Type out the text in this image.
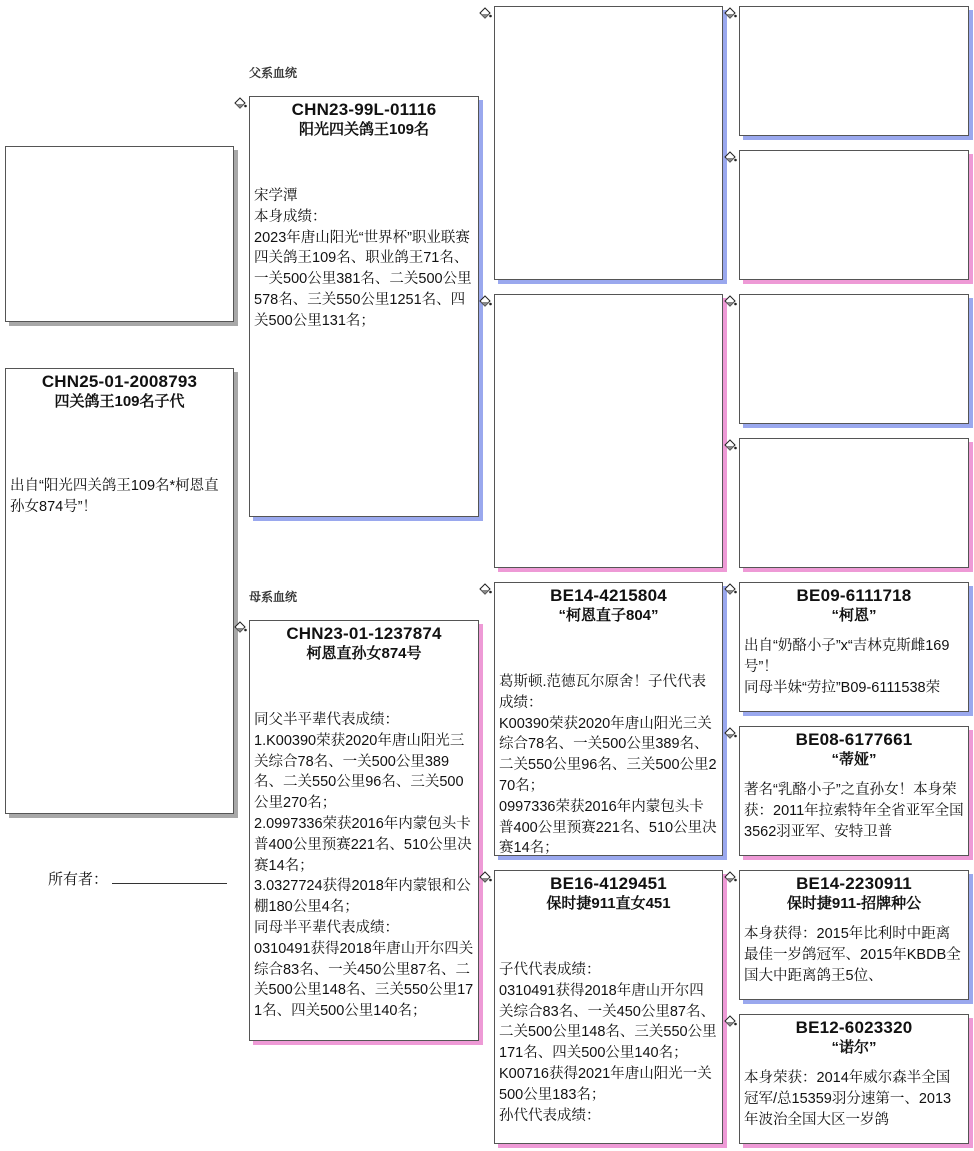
父系血统
母系血统
CHN25-01-2008793
四关鸽王109名子代
出自“阳光四关鸽王109名*柯恩直孙女874号”！
所有者：
CHN23-99L-01116
阳光四关鸽王109名
宋学潭
本身成绩：
2023年唐山阳光“世界杯”职业联赛四关鸽王109名、职业鸽王71名、一关500公里381名、二关500公里578名、三关550公里1251名、四关500公里131名；
CHN23-01-1237874
柯恩直孙女874号
同父半平辈代表成绩：
1.K00390荣获2020年唐山阳光三关综合78名、一关500公里389名、二关550公里96名、三关500公里270名；
2.0997336荣获2016年内蒙包头卡普400公里预赛221名、510公里决赛14名；
3.0327724获得2018年内蒙银和公棚180公里4名；
同母半平辈代表成绩：
0310491获得2018年唐山开尔四关综合83名、一关450公里87名、二关500公里148名、三关550公里171名、四关500公里140名；
BE14-4215804
“柯恩直子804”
葛斯顿.范德瓦尔原舍！子代代表成绩：
K00390荣获2020年唐山阳光三关综合78名、一关500公里389名、二关550公里96名、三关500公里270名；
0997336荣获2016年内蒙包头卡普400公里预赛221名、510公里决赛14名；
BE16-4129451
保时捷911直女451
子代代表成绩：
0310491获得2018年唐山开尔四关综合83名、一关450公里87名、二关500公里148名、三关550公里171名、四关500公里140名；
K00716获得2021年唐山阳光一关500公里183名；
孙代代表成绩：
BE09-6111718
“柯恩”
出自“奶酪小子”x“吉林克斯雌169号”！
同母半妹“劳拉”B09-6111538荣
BE08-6177661
“蒂娅”
著名“乳酪小子”之直孙女！本身荣获：2011年拉索特年全省亚军全国3562羽亚军、安特卫普
BE14-2230911
保时捷911-招牌种公
本身获得：2015年比利时中距离最佳一岁鸽冠军、2015年KBDB全国大中距离鸽王5位、
BE12-6023320
“诺尔”
本身荣获：2014年威尔森半全国冠军/总15359羽分速第一、2013年波治全国大区一岁鸽
